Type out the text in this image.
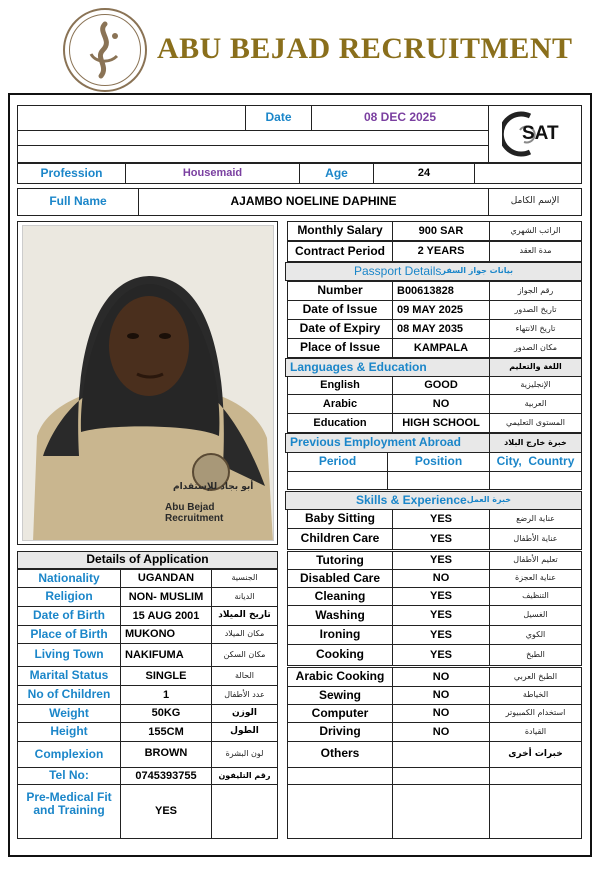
ABU BEJAD RECRUITMENT
Date	08 DEC 2025
SAT
Profession	Housemaid	Age	24
Full Name	AJAMBO NOELINE DAPHINE	الإسم الكامل
أبو بجاد للإستقدام
Abu Bejad Recruitment
Monthly Salary	900 SAR	الراتب الشهري
Contract Period	2 YEARS	مدة العقد
Passport Details بيانات جواز السفر
Number	B00613828	رقم الجواز
Date of Issue	09 MAY 2025	تاريخ الصدور
Date of Expiry	08 MAY 2035	تاريخ الانتهاء
Place of Issue	KAMPALA	مكان الصدور
Languages & Education	اللغة والتعليم
English	GOOD	الإنجليزية
Arabic	NO	العربية
Education	HIGH SCHOOL	المستوى التعليمي
Previous Employment Abroad	خبرة خارج البلاد
Period	Position	City,  Country
Skills & Experience خبرة العمل
Baby Sitting	YES	عناية الرضع
Children Care	YES	عناية الأطفال
Tutoring	YES	تعليم الأطفال
Disabled Care	NO	عناية العجزة
Cleaning	YES	التنظيف
Washing	YES	الغسيل
Ironing	YES	الكوي
Cooking	YES	الطبخ
Arabic Cooking	NO	الطبخ العربي
Sewing	NO	الخياطة
Computer	NO	استخدام الكمبيوتر
Driving	NO	القيادة
Others	خبرات أخرى
Details of Application
Nationality	UGANDAN	الجنسية
Religion	NON- MUSLIM	الديانة
Date of Birth	15 AUG 2001	تاريخ الميلاد
Place of Birth	MUKONO	مكان الميلاد
Living Town	NAKIFUMA	مكان السكن
Marital Status	SINGLE	الحالة
No of Children	1	عدد الأطفال
Weight	50KG	الوزن
Height	155CM	الطول
Complexion	BROWN	لون البشرة
Tel No:	0745393755	رقم التليفون
Pre-Medical Fit and Training	YES
